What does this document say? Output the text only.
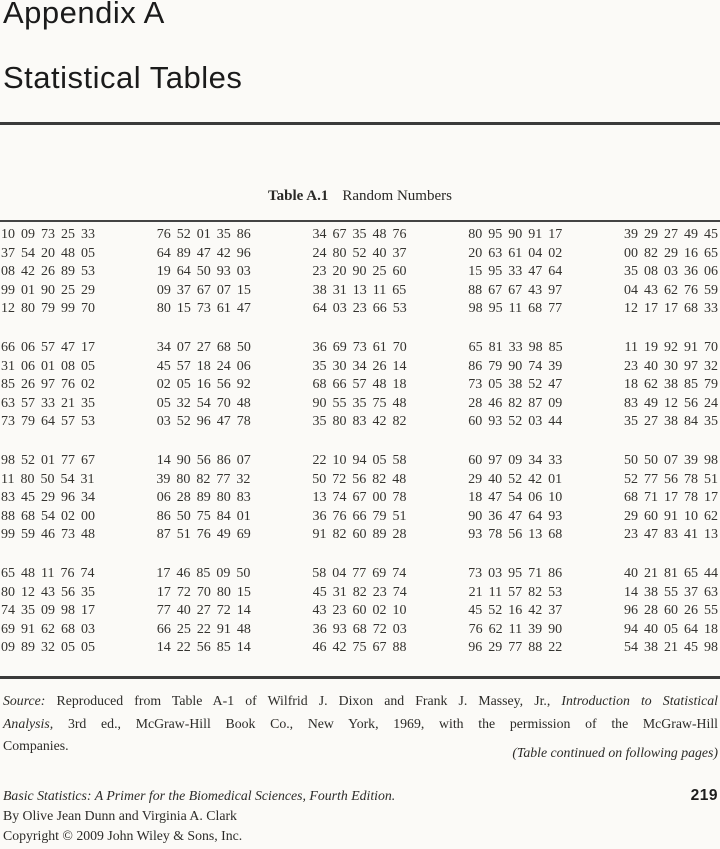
Appendix A
Statistical Tables
Table A.1 Random Numbers
10 09 73 25 33	76 52 01 35 86	34 67 35 48 76	80 95 90 91 17	39 29 27 49 45
37 54 20 48 05	64 89 47 42 96	24 80 52 40 37	20 63 61 04 02	00 82 29 16 65
08 42 26 89 53	19 64 50 93 03	23 20 90 25 60	15 95 33 47 64	35 08 03 36 06
99 01 90 25 29	09 37 67 07 15	38 31 13 11 65	88 67 67 43 97	04 43 62 76 59
12 80 79 99 70	80 15 73 61 47	64 03 23 66 53	98 95 11 68 77	12 17 17 68 33
66 06 57 47 17	34 07 27 68 50	36 69 73 61 70	65 81 33 98 85	11 19 92 91 70
31 06 01 08 05	45 57 18 24 06	35 30 34 26 14	86 79 90 74 39	23 40 30 97 32
85 26 97 76 02	02 05 16 56 92	68 66 57 48 18	73 05 38 52 47	18 62 38 85 79
63 57 33 21 35	05 32 54 70 48	90 55 35 75 48	28 46 82 87 09	83 49 12 56 24
73 79 64 57 53	03 52 96 47 78	35 80 83 42 82	60 93 52 03 44	35 27 38 84 35
98 52 01 77 67	14 90 56 86 07	22 10 94 05 58	60 97 09 34 33	50 50 07 39 98
11 80 50 54 31	39 80 82 77 32	50 72 56 82 48	29 40 52 42 01	52 77 56 78 51
83 45 29 96 34	06 28 89 80 83	13 74 67 00 78	18 47 54 06 10	68 71 17 78 17
88 68 54 02 00	86 50 75 84 01	36 76 66 79 51	90 36 47 64 93	29 60 91 10 62
99 59 46 73 48	87 51 76 49 69	91 82 60 89 28	93 78 56 13 68	23 47 83 41 13
65 48 11 76 74	17 46 85 09 50	58 04 77 69 74	73 03 95 71 86	40 21 81 65 44
80 12 43 56 35	17 72 70 80 15	45 31 82 23 74	21 11 57 82 53	14 38 55 37 63
74 35 09 98 17	77 40 27 72 14	43 23 60 02 10	45 52 16 42 37	96 28 60 26 55
69 91 62 68 03	66 25 22 91 48	36 93 68 72 03	76 62 11 39 90	94 40 05 64 18
09 89 32 05 05	14 22 56 85 14	46 42 75 67 88	96 29 77 88 22	54 38 21 45 98
Source: Reproduced from Table A-1 of Wilfrid J. Dixon and Frank J. Massey, Jr., Introduction to Statistical
Analysis, 3rd ed., McGraw-Hill Book Co., New York, 1969, with the permission of the McGraw-Hill
Companies.	(Table continued on following pages)
Basic Statistics: A Primer for the Biomedical Sciences, Fourth Edition.
By Olive Jean Dunn and Virginia A. Clark
Copyright © 2009 John Wiley & Sons, Inc.
219
